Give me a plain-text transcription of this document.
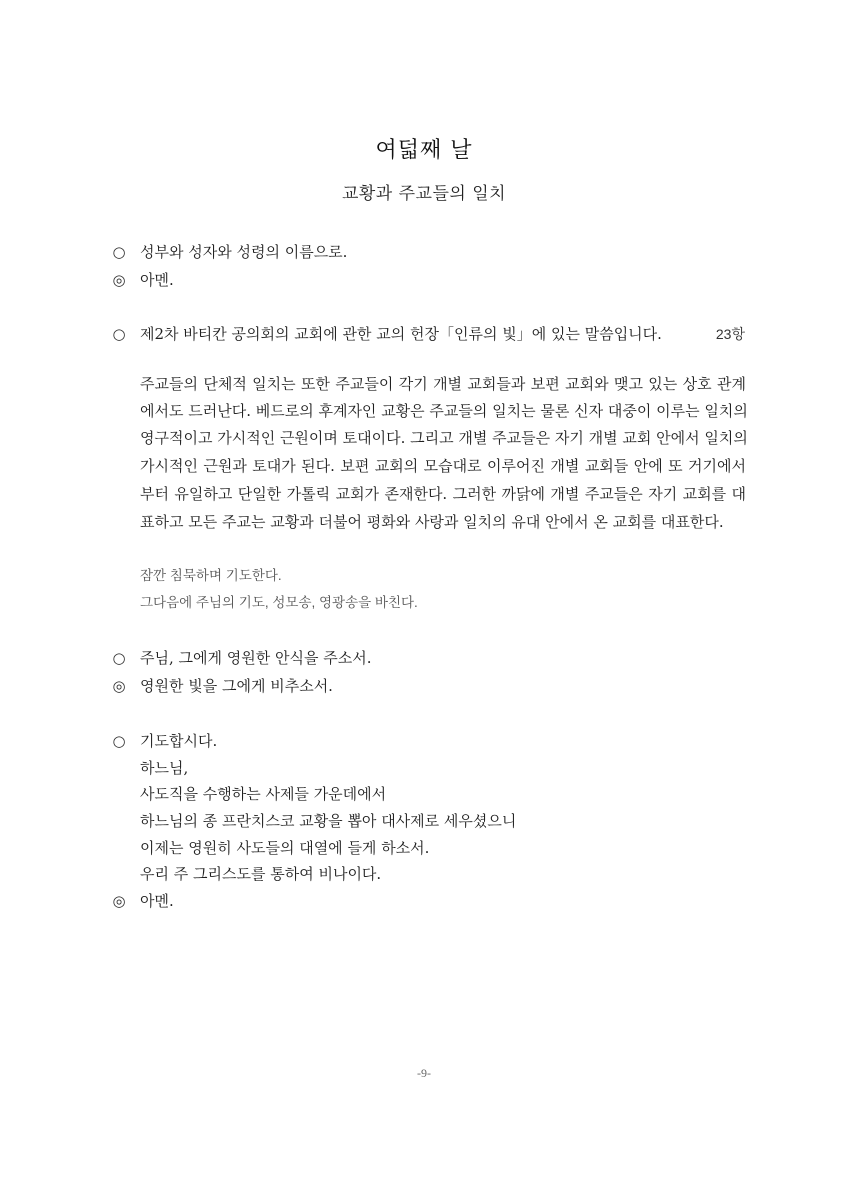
여덟째 날
교황과 주교들의 일치
○ 성부와 성자와 성령의 이름으로.
◎ 아멘.
○ 제2차 바티칸 공의회의 교회에 관한 교의 헌장「인류의 빛」에 있는 말씀입니다.	23항
주교들의 단체적 일치는 또한 주교들이 각기 개별 교회들과 보편 교회와 맺고 있는 상호 관계
에서도 드러난다. 베드로의 후계자인 교황은 주교들의 일치는 물론 신자 대중이 이루는 일치의
영구적이고 가시적인 근원이며 토대이다. 그리고 개별 주교들은 자기 개별 교회 안에서 일치의
가시적인 근원과 토대가 된다. 보편 교회의 모습대로 이루어진 개별 교회들 안에 또 거기에서
부터 유일하고 단일한 가톨릭 교회가 존재한다. 그러한 까닭에 개별 주교들은 자기 교회를 대
표하고 모든 주교는 교황과 더불어 평화와 사랑과 일치의 유대 안에서 온 교회를 대표한다.
잠깐 침묵하며 기도한다.
그다음에 주님의 기도, 성모송, 영광송을 바친다.
○ 주님, 그에게 영원한 안식을 주소서.
◎ 영원한 빛을 그에게 비추소서.
○ 기도합시다.
하느님,
사도직을 수행하는 사제들 가운데에서
하느님의 종 프란치스코 교황을 뽑아 대사제로 세우셨으니
이제는 영원히 사도들의 대열에 들게 하소서.
우리 주 그리스도를 통하여 비나이다.
◎ 아멘.
-9-
